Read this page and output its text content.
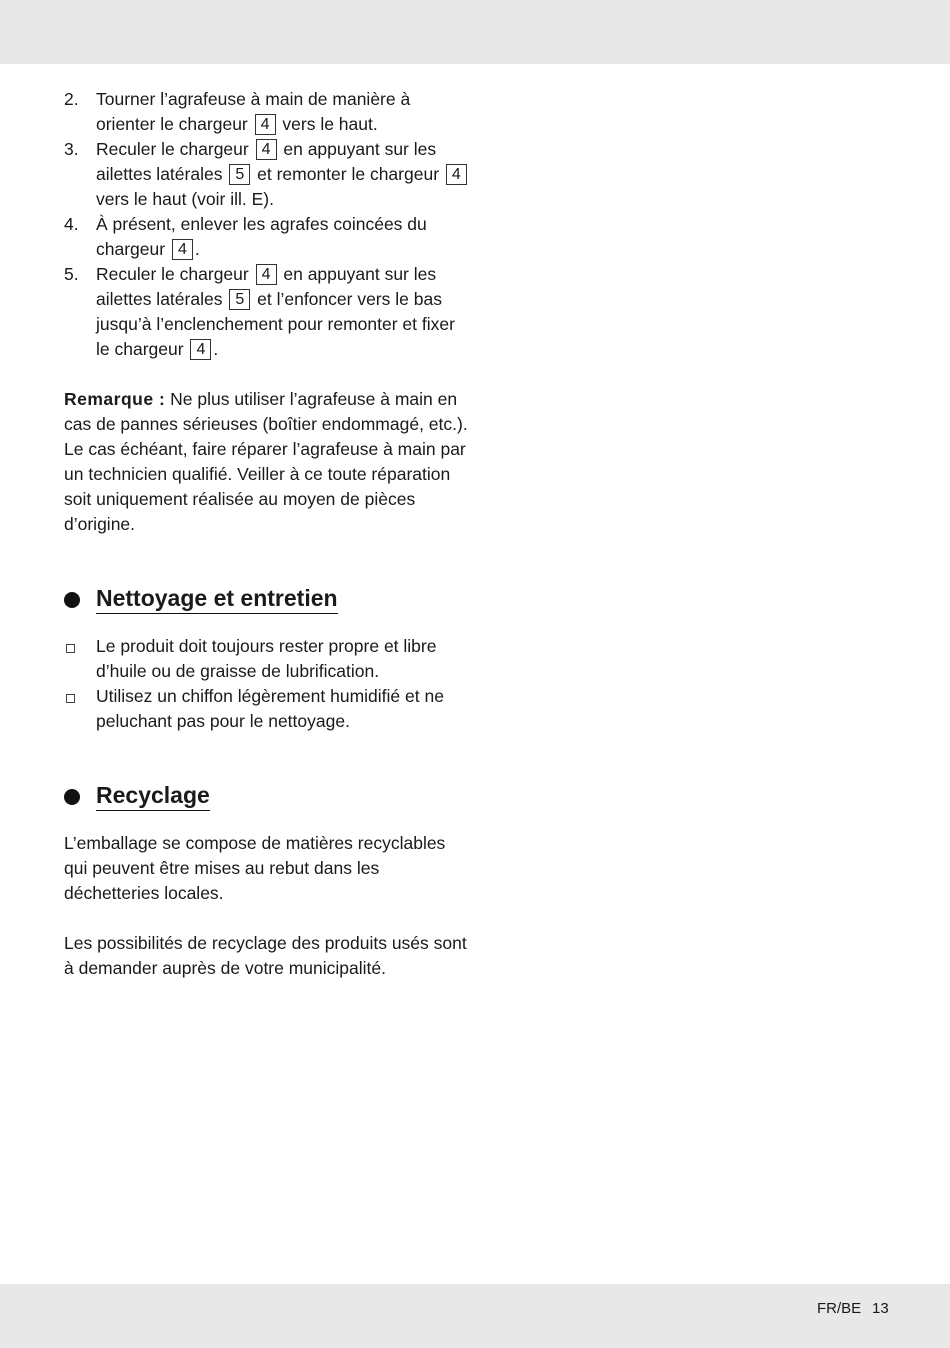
2. Tourner l’agrafeuse à main de manière à orienter le chargeur 4 vers le haut.
3. Reculer le chargeur 4 en appuyant sur les ailettes latérales 5 et remonter le chargeur 4 vers le haut (voir ill. E).
4. À présent, enlever les agrafes coincées du chargeur 4 .
5. Reculer le chargeur 4 en appuyant sur les ailettes latérales 5 et l’enfoncer vers le bas jusqu’à l’enclenchement pour remonter et fixer le chargeur 4 .

Remarque : Ne plus utiliser l’agrafeuse à main en cas de pannes sérieuses (boîtier endommagé, etc.). Le cas échéant, faire réparer l’agrafeuse à main par un technicien qualifié. Veiller à ce toute réparation soit uniquement réalisée au moyen de pièces d’origine.

Nettoyage et entretien
Le produit doit toujours rester propre et libre d’huile ou de graisse de lubrification.
Utilisez un chiffon légèrement humidifié et ne peluchant pas pour le nettoyage.
Recyclage

L’emballage se compose de matières recyclables qui peuvent être mises au rebut dans les déchetteries locales.

Les possibilités de recyclage des produits usés sont à demander auprès de votre municipalité.

FR/BE 13
